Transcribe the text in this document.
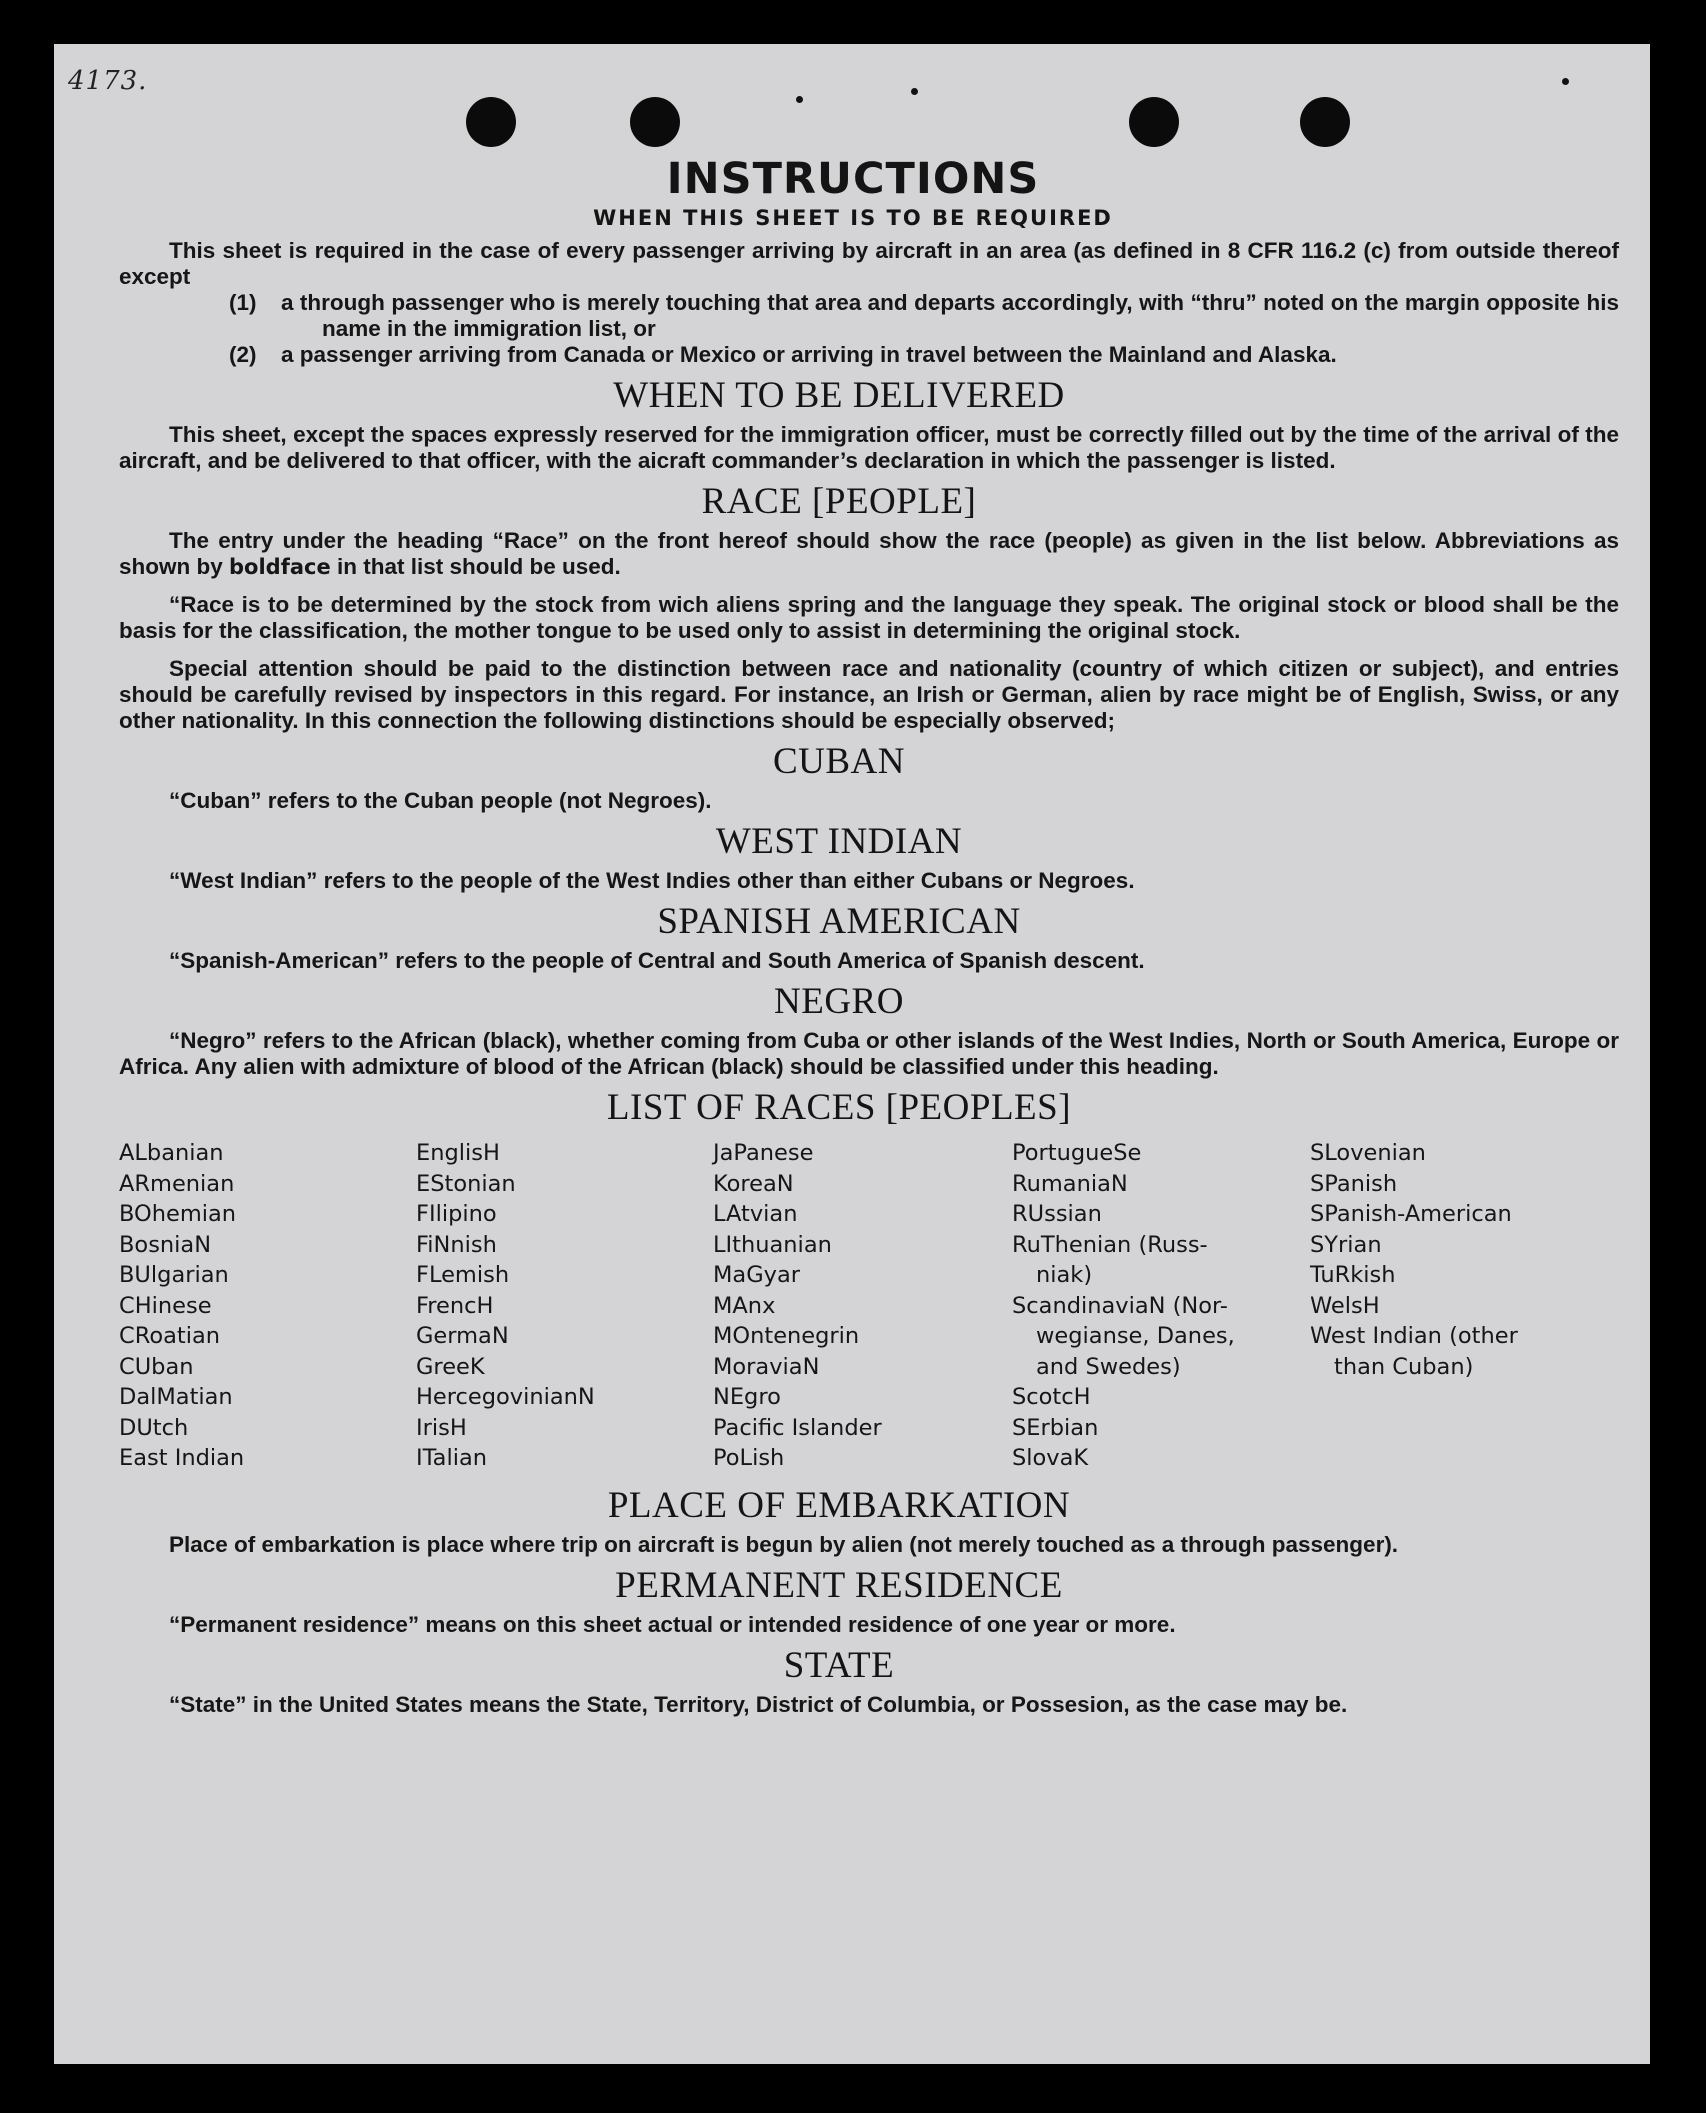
4173.
INSTRUCTIONS
WHEN THIS SHEET IS TO BE REQUIRED

This sheet is required in the case of every passenger arriving by aircraft in an area (as defined in 8 CFR 116.2 (c) from outside thereof except

(1) a through passenger who is merely touching that area and departs accordingly, with “thru” noted on the margin opposite his name in the immigration list, or
(2) a passenger arriving from Canada or Mexico or arriving in travel between the Mainland and Alaska.
WHEN TO BE DELIVERED

This sheet, except the spaces expressly reserved for the immigration officer, must be correctly filled out by the time of the arrival of the aircraft, and be delivered to that officer, with the aicraft commander’s declaration in which the passenger is listed.

RACE [PEOPLE]

The entry under the heading “Race” on the front hereof should show the race (people) as given in the list below. Abbreviations as shown by boldface in that list should be used.

“Race is to be determined by the stock from wich aliens spring and the language they speak. The original stock or blood shall be the basis for the classification, the mother tongue to be used only to assist in determining the original stock.

Special attention should be paid to the distinction between race and nationality (country of which citizen or subject), and entries should be carefully revised by inspectors in this regard. For instance, an Irish or German, alien by race might be of English, Swiss, or any other nationality. In this connection the following distinctions should be especially observed;

CUBAN

“Cuban” refers to the Cuban people (not Negroes).

WEST INDIAN

“West Indian” refers to the people of the West Indies other than either Cubans or Negroes.

SPANISH AMERICAN

“Spanish-American” refers to the people of Central and South America of Spanish descent.

NEGRO

“Negro” refers to the African (black), whether coming from Cuba or other islands of the West Indies, North or South America, Europe or Africa. Any alien with admixture of blood of the African (black) should be classified under this heading.

LIST OF RACES [PEOPLES]
ALbanian
ARmenian
BOhemian
BosniaN
BUlgarian
CHinese
CRoatian
CUban
DalMatian
DUtch
East Indian
EnglisH
EStonian
FIlipino
FiNnish
FLemish
FrencH
GermaN
GreeK
HercegovinianN
IrisH
ITalian
JaPanese
KoreaN
LAtvian
LIthuanian
MaGyar
MAnx
MOntenegrin
MoraviaN
NEgro
Pacific Islander
PoLish
PortugueSe
RumaniaN
RUssian
RuThenian (Russ-
niak)
ScandinaviaN (Nor-
wegianse, Danes,
and Swedes)
ScotcH
SErbian
SlovaK
SLovenian
SPanish
SPanish-American
SYrian
TuRkish
WelsH
West Indian (other
than Cuban)
PLACE OF EMBARKATION

Place of embarkation is place where trip on aircraft is begun by alien (not merely touched as a through passenger).

PERMANENT RESIDENCE

“Permanent residence” means on this sheet actual or intended residence of one year or more.

STATE

“State” in the United States means the State, Territory, District of Columbia, or Possesion, as the case may be.
